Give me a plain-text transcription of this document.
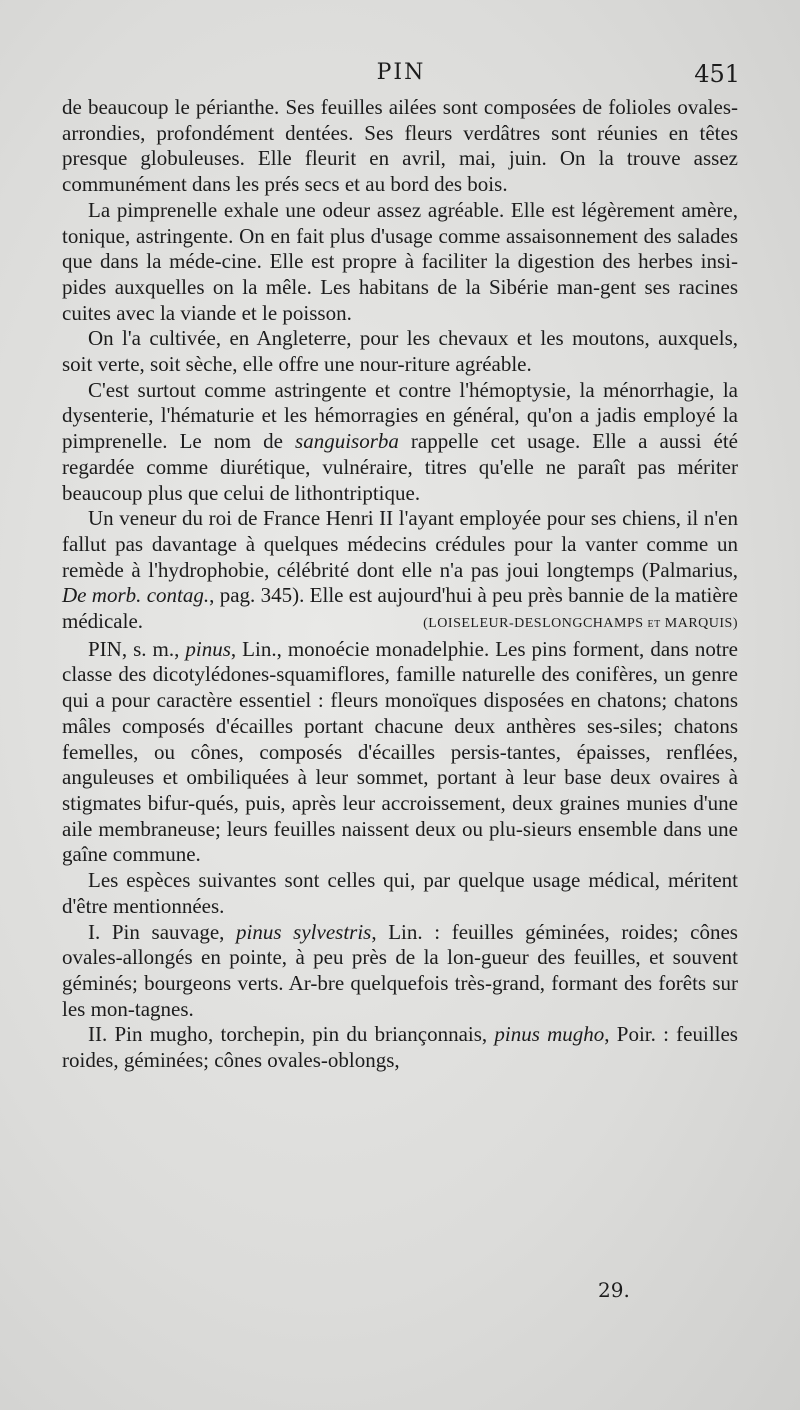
PIN	451

de beaucoup le périanthe. Ses feuilles ailées sont composées de folioles ovales-arrondies, profondément dentées. Ses fleurs verdâtres sont réunies en têtes presque globuleuses. Elle fleurit en avril, mai, juin. On la trouve assez communément dans les prés secs et au bord des bois.

La pimprenelle exhale une odeur assez agréable. Elle est légèrement amère, tonique, astringente. On en fait plus d'usage comme assaisonnement des salades que dans la méde-cine. Elle est propre à faciliter la digestion des herbes insi-pides auxquelles on la mêle. Les habitans de la Sibérie man-gent ses racines cuites avec la viande et le poisson.

On l'a cultivée, en Angleterre, pour les chevaux et les moutons, auxquels, soit verte, soit sèche, elle offre une nour-riture agréable.

C'est surtout comme astringente et contre l'hémoptysie, la ménorrhagie, la dysenterie, l'hématurie et les hémorragies en général, qu'on a jadis employé la pimprenelle. Le nom de sanguisorba rappelle cet usage. Elle a aussi été regardée comme diurétique, vulnéraire, titres qu'elle ne paraît pas mériter beaucoup plus que celui de lithontriptique.

Un veneur du roi de France Henri II l'ayant employée pour ses chiens, il n'en fallut pas davantage à quelques médecins crédules pour la vanter comme un remède à l'hydrophobie, célébrité dont elle n'a pas joui longtemps (Palmarius, De morb. contag., pag. 345). Elle est aujourd'hui à peu près bannie de la matière médicale.	(LOISELEUR-DESLONGCHAMPS et MARQUIS)

PIN, s. m., pinus, Lin., monoécie monadelphie. Les pins forment, dans notre classe des dicotylédones-squamiflores, famille naturelle des conifères, un genre qui a pour caractère essentiel : fleurs monoïques disposées en chatons; chatons mâles composés d'écailles portant chacune deux anthères ses-siles; chatons femelles, ou cônes, composés d'écailles persis-tantes, épaisses, renflées, anguleuses et ombiliquées à leur sommet, portant à leur base deux ovaires à stigmates bifur-qués, puis, après leur accroissement, deux graines munies d'une aile membraneuse; leurs feuilles naissent deux ou plu-sieurs ensemble dans une gaîne commune.

Les espèces suivantes sont celles qui, par quelque usage médical, méritent d'être mentionnées.

I. Pin sauvage, pinus sylvestris, Lin. : feuilles géminées, roides; cônes ovales-allongés en pointe, à peu près de la lon-gueur des feuilles, et souvent géminés; bourgeons verts. Ar-bre quelquefois très-grand, formant des forêts sur les mon-tagnes.

II. Pin mugho, torchepin, pin du briançonnais, pinus mugho, Poir. : feuilles roides, géminées; cônes ovales-oblongs,

29.
